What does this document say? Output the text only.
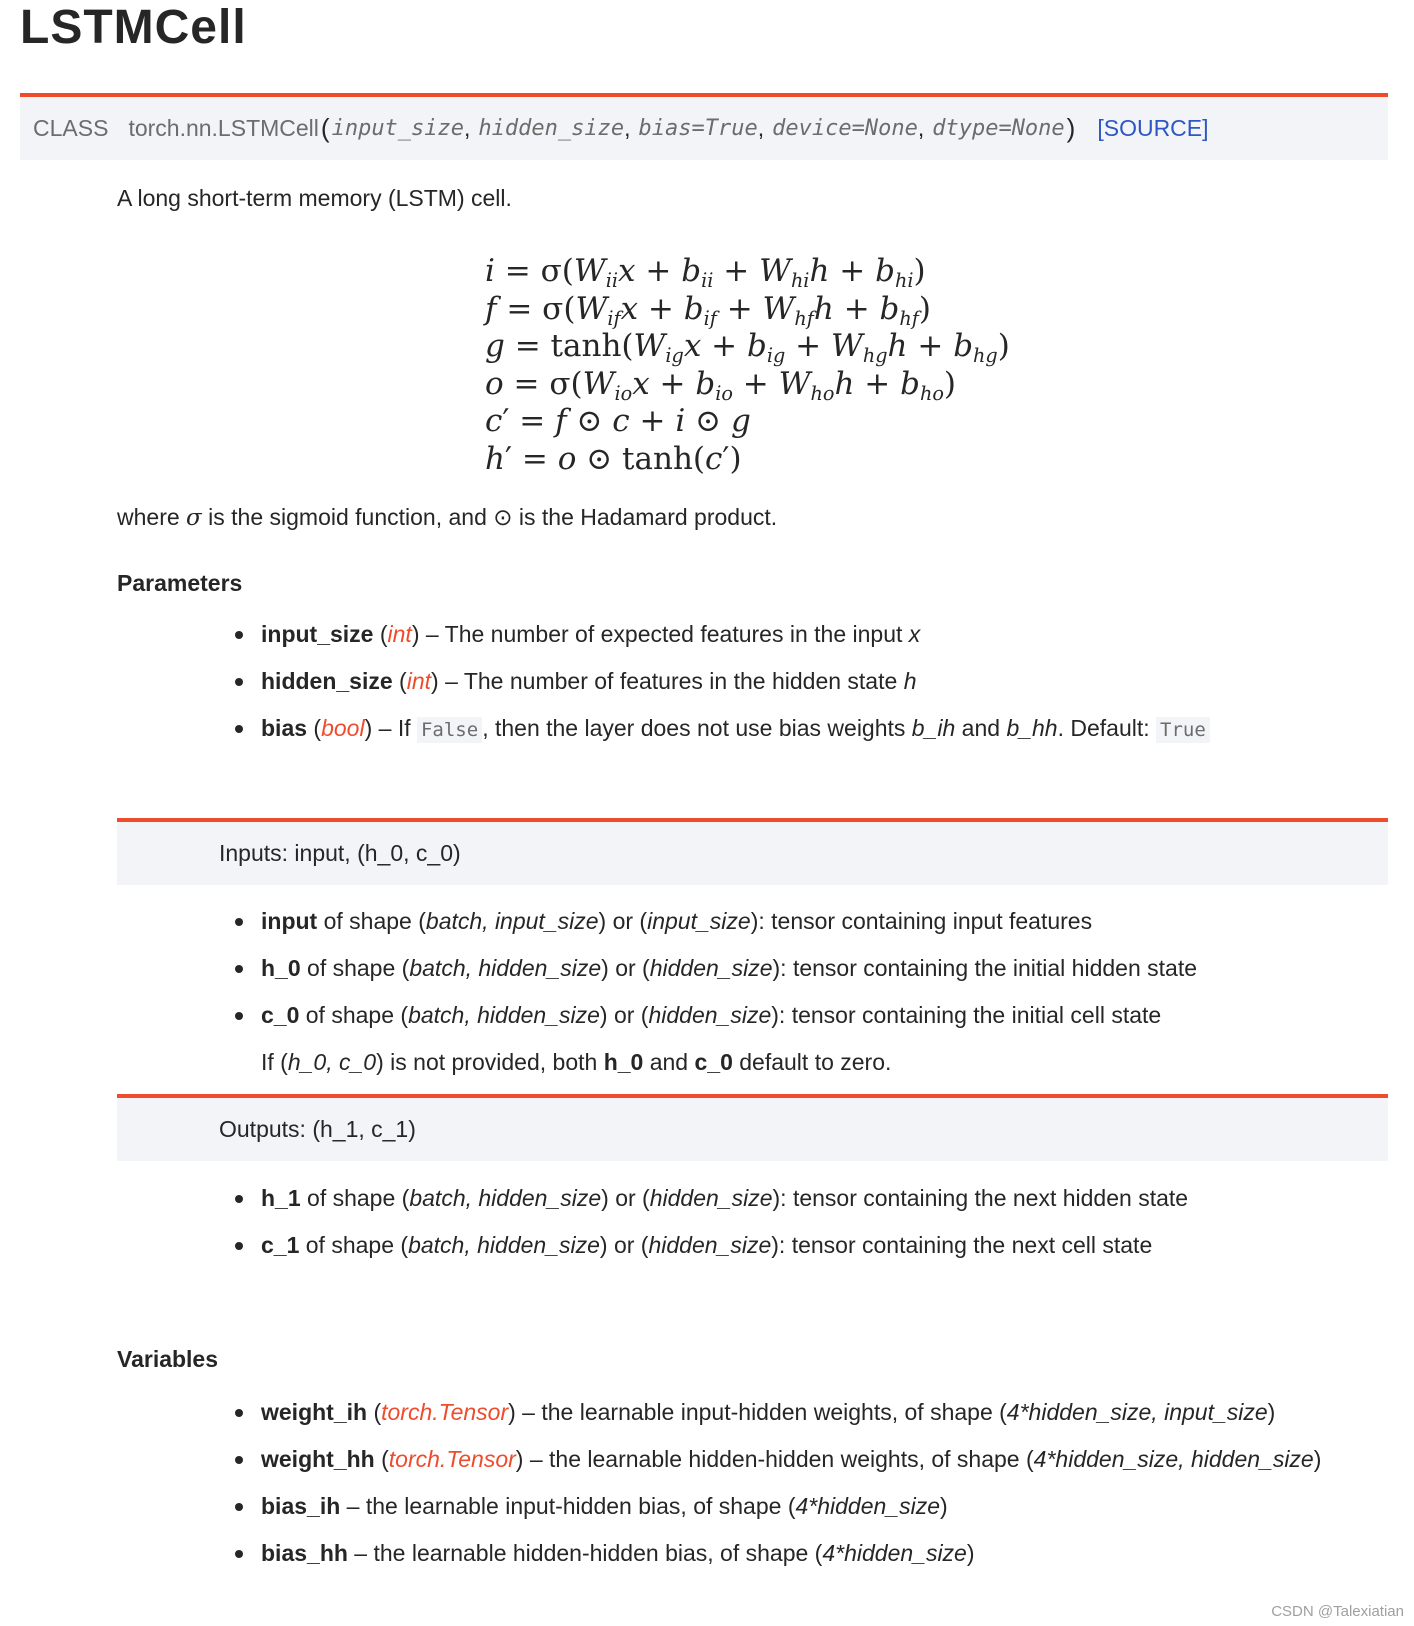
LSTMCell
CLASS torch.nn.LSTMCell ( input_size , hidden_size , bias=True , device=None , dtype=None ) [SOURCE]

A long short-term memory (LSTM) cell.

$i = \sigma(W_{ii}x + b_{ii} + W_{hi}h + b_{hi})$
$f = \sigma(W_{if}x + b_{if} + W_{hf}h + b_{hf})$
$g = \tanh(W_{ig}x + b_{ig} + W_{hg}h + b_{hg})$
$o = \sigma(W_{io}x + b_{io} + W_{ho}h + b_{ho})$
c′ = f ⊙ c + i ⊙ g
h′ = o ⊙ tanh(c′)

where σ is the sigmoid function, and ⊙ is the Hadamard product.

Parameters
input_size (int) – The number of expected features in the input x
hidden_size (int) – The number of features in the hidden state h
bias (bool) – If False , then the layer does not use bias weights b_ih and b_hh. Default: True
Inputs: input, (h_0, c_0)
input of shape (batch, input_size) or (input_size): tensor containing input features
h_0 of shape (batch, hidden_size) or (hidden_size): tensor containing the initial hidden state
c_0 of shape (batch, hidden_size) or (hidden_size): tensor containing the initial cell state

If (h_0, c_0) is not provided, both h_0 and c_0 default to zero.

Outputs: (h_1, c_1)
h_1 of shape (batch, hidden_size) or (hidden_size): tensor containing the next hidden state
c_1 of shape (batch, hidden_size) or (hidden_size): tensor containing the next cell state
Variables
weight_ih (torch.Tensor) – the learnable input-hidden weights, of shape (4*hidden_size, input_size)
weight_hh (torch.Tensor) – the learnable hidden-hidden weights, of shape (4*hidden_size, hidden_size)
bias_ih – the learnable input-hidden bias, of shape (4*hidden_size)
bias_hh – the learnable hidden-hidden bias, of shape (4*hidden_size)
CSDN @Talexiatian
